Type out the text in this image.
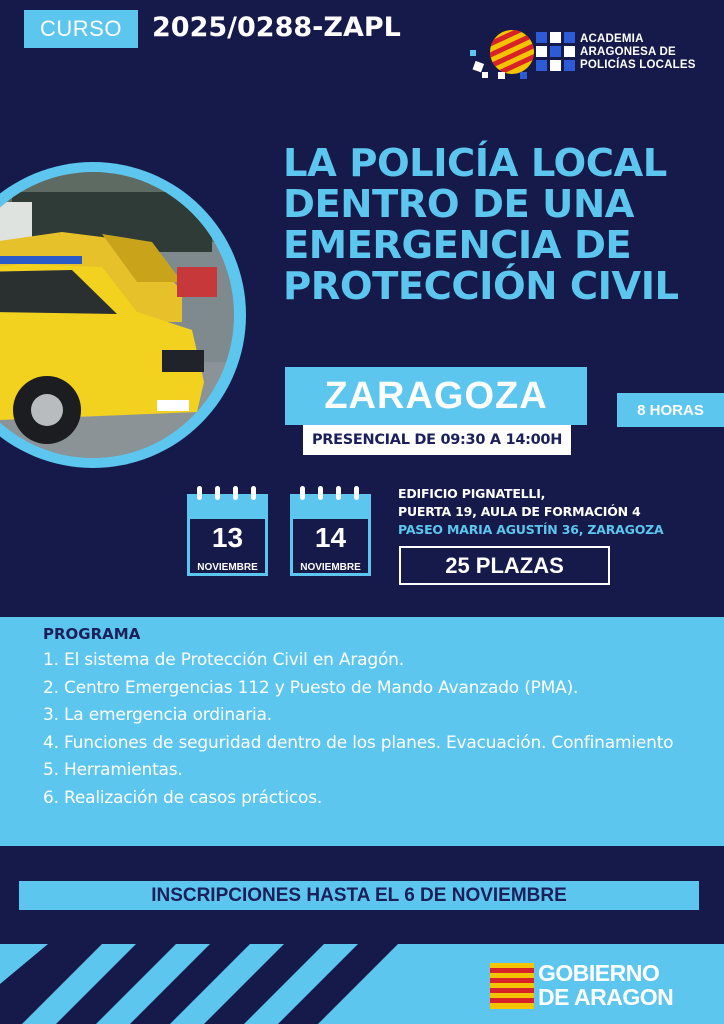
CURSO	2025/0288-ZAPL	ACADEMIA
ARAGONESA DE
POLICÍAS LOCALES
LA POLICÍA LOCAL
DENTRO DE UNA
EMERGENCIA DE
PROTECCIÓN CIVIL
ZARAGOZA	8 HORAS
PRESENCIAL DE 09:30 A 14:00H
13
NOVIEMBRE
14
NOVIEMBRE
EDIFICIO PIGNATELLI,
PUERTA 19, AULA DE FORMACIÓN 4
PASEO MARIA AGUSTÍN 36, ZARAGOZA
25 PLAZAS
PROGRAMA
1. El sistema de Protección Civil en Aragón.
2. Centro Emergencias 112 y Puesto de Mando Avanzado (PMA).
3. La emergencia ordinaria.
4. Funciones de seguridad dentro de los planes. Evacuación. Confinamiento
5. Herramientas.
6. Realización de casos prácticos.
INSCRIPCIONES HASTA EL 6 DE NOVIEMBRE
GOBIERNO
DE ARAGON
